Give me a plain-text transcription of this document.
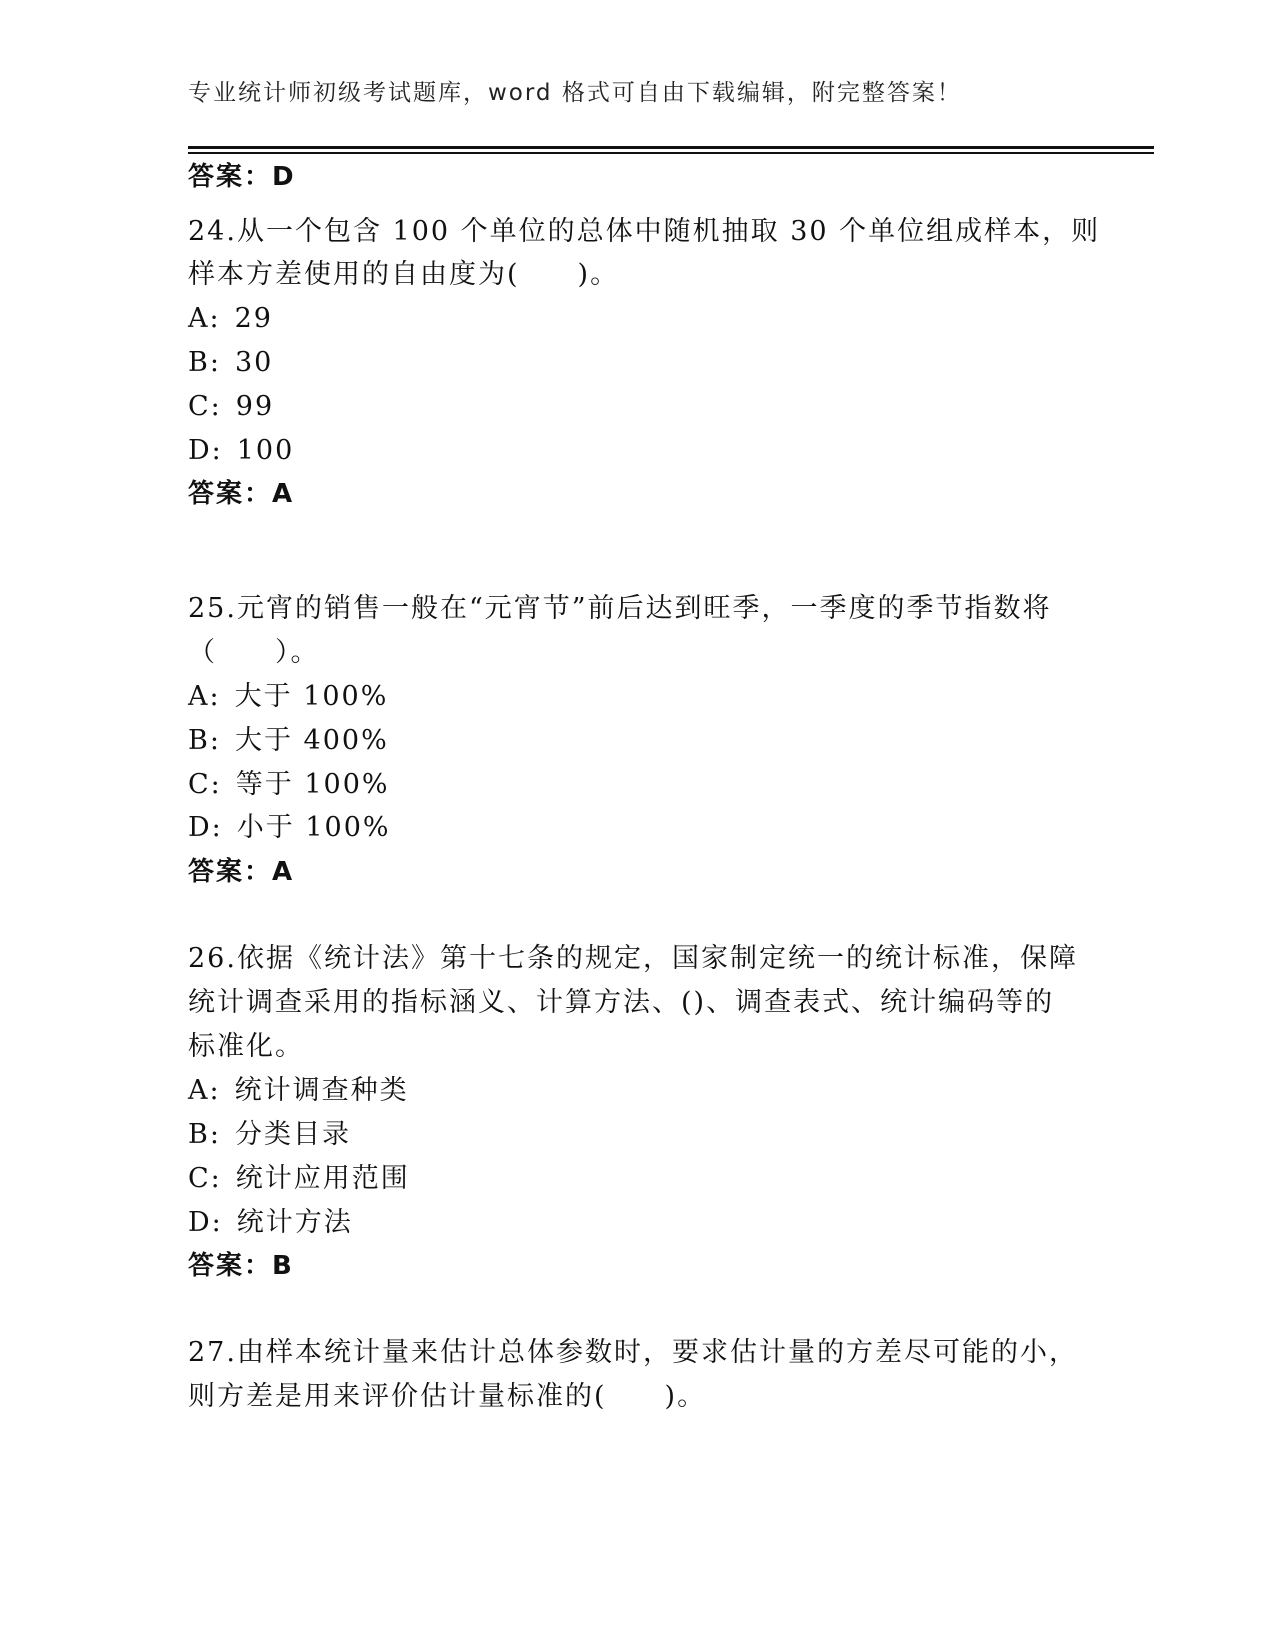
专业统计师初级考试题库，word 格式可自由下载编辑，附完整答案！
答案：D
24.从一个包含 100 个单位的总体中随机抽取 30 个单位组成样本，则
样本方差使用的自由度为(　　)。
A: 29
B: 30
C: 99
D: 100
答案：A
25.元宵的销售一般在“元宵节”前后达到旺季，一季度的季节指数将
（　　）。
A: 大于 100%
B: 大于 400%
C: 等于 100%
D: 小于 100%
答案：A
26.依据《统计法》第十七条的规定，国家制定统一的统计标准，保障
统计调查采用的指标涵义、计算方法、()、调查表式、统计编码等的
标准化。
A: 统计调查种类
B: 分类目录
C: 统计应用范围
D: 统计方法
答案：B
27.由样本统计量来估计总体参数时，要求估计量的方差尽可能的小，
则方差是用来评价估计量标准的(　　)。
